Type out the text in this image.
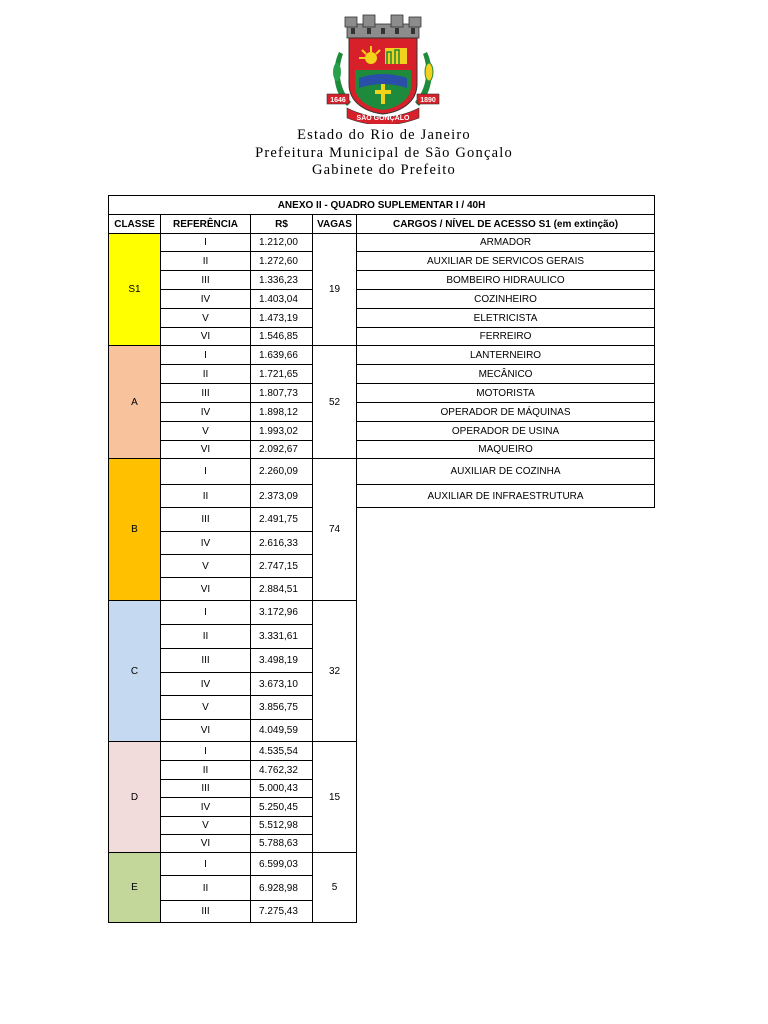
1646	1890
SÃO GONÇALO
Estado do Rio de Janeiro
Prefeitura Municipal de São Gonçalo
Gabinete do Prefeito
ANEXO II - QUADRO SUPLEMENTAR I / 40H				
CLASSE	REFERÊNCIA	R$	VAGAS	CARGOS / NÍVEL DE ACESSO S1 (em extinção)
S1	I	1.212,00	19	ARMADOR
	II	1.272,60		AUXILIAR DE SERVICOS GERAIS
	III	1.336,23		BOMBEIRO HIDRAULICO
	IV	1.403,04		COZINHEIRO
	V	1.473,19		ELETRICISTA
	VI	1.546,85		FERREIRO
A	I	1.639,66	52	LANTERNEIRO
	II	1.721,65		MECÂNICO
	III	1.807,73		MOTORISTA
	IV	1.898,12		OPERADOR DE MÁQUINAS
	V	1.993,02		OPERADOR DE USINA
	VI	2.092,67		MAQUEIRO
B	I	2.260,09	74	AUXILIAR DE COZINHA
	II	2.373,09		AUXILIAR DE INFRAESTRUTURA
	III	2.491,75		
	IV	2.616,33		
	V	2.747,15		
	VI	2.884,51		
C	I	3.172,96	32	
	II	3.331,61		
	III	3.498,19		
	IV	3.673,10		
	V	3.856,75		
	VI	4.049,59		
D	I	4.535,54	15	
	II	4.762,32		
	III	5.000,43		
	IV	5.250,45		
	V	5.512,98		
	VI	5.788,63		
E	I	6.599,03	5	
	II	6.928,98		
	III	7.275,43		
